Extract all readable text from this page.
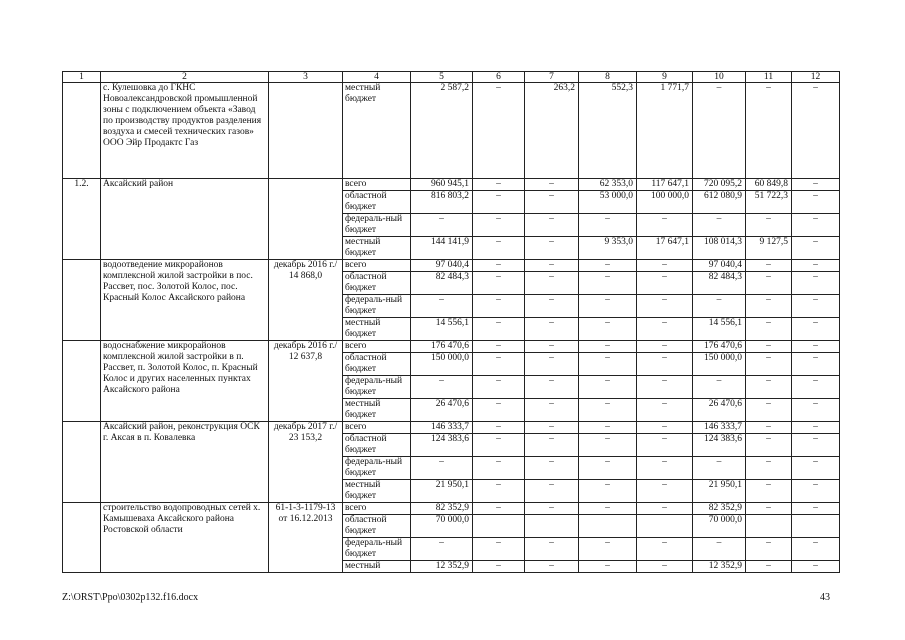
1	2	3	4	5	6	7	8	9	10	11	12
	с. Кулешовка до ГКНС Новоалександровской промышленной зоны с подключением объекта «Завод по производству продуктов разделения воздуха и смесей технических газов» ООО Эйр Продактс Газ		местный бюджет	2 587,2	–	263,2	552,3	1 771,7	–	–	–
1.2.	Аксайский район		всего	960 945,1	–	–	62 353,0	117 647,1	720 095,2	60 849,8	–
			областной бюджет	816 803,2	–	–	53 000,0	100 000,0	612 080,9	51 722,3	–
			федераль-ный бюджет	–	–	–	–	–	–	–	–
			местный бюджет	144 141,9	–	–	9 353,0	17 647,1	108 014,3	9 127,5	–
	водоотведение микрорайонов комплексной жилой застройки в пос. Рассвет, пос. Золотой Колос, пос. Красный Колос Аксайского района	декабрь 2016 г./ 14 868,0	всего	97 040,4	–	–	–	–	97 040,4	–	–
			областной бюджет	82 484,3	–	–	–	–	82 484,3	–	–
			федераль-ный бюджет	–	–	–	–	–	–	–	–
			местный бюджет	14 556,1	–	–	–	–	14 556,1	–	–
	водоснабжение микрорайонов комплексной жилой застройки в п. Рассвет, п. Золотой Колос, п. Красный Колос и других населенных пунктах Аксайского района	декабрь 2016 г./ 12 637,8	всего	176 470,6	–	–	–	–	176 470,6	–	–
			областной бюджет	150 000,0	–	–	–	–	150 000,0	–	–
			федераль-ный бюджет	–	–	–	–	–	–	–	–
			местный бюджет	26 470,6	–	–	–	–	26 470,6	–	–
	Аксайский район, реконструкция ОСК г. Аксая в п. Ковалевка	декабрь 2017 г./ 23 153,2	всего	146 333,7	–	–	–	–	146 333,7	–	–
			областной бюджет	124 383,6	–	–	–	–	124 383,6	–	–
			федераль-ный бюджет	–	–	–	–	–	–	–	–
			местный бюджет	21 950,1	–	–	–	–	21 950,1	–	–
	строительство водопроводных сетей х. Камышеваха Аксайского района Ростовской области	61-1-3-1179-13 от 16.12.2013	всего	82 352,9	–	–	–	–	82 352,9	–	–
			областной бюджет	70 000,0					70 000,0		
			федераль-ный бюджет	–	–	–	–	–	–	–	–
			местный	12 352,9	–	–	–	–	12 352,9	–	–
Z:\ORST\Ppo\0302p132.f16.docx	43
